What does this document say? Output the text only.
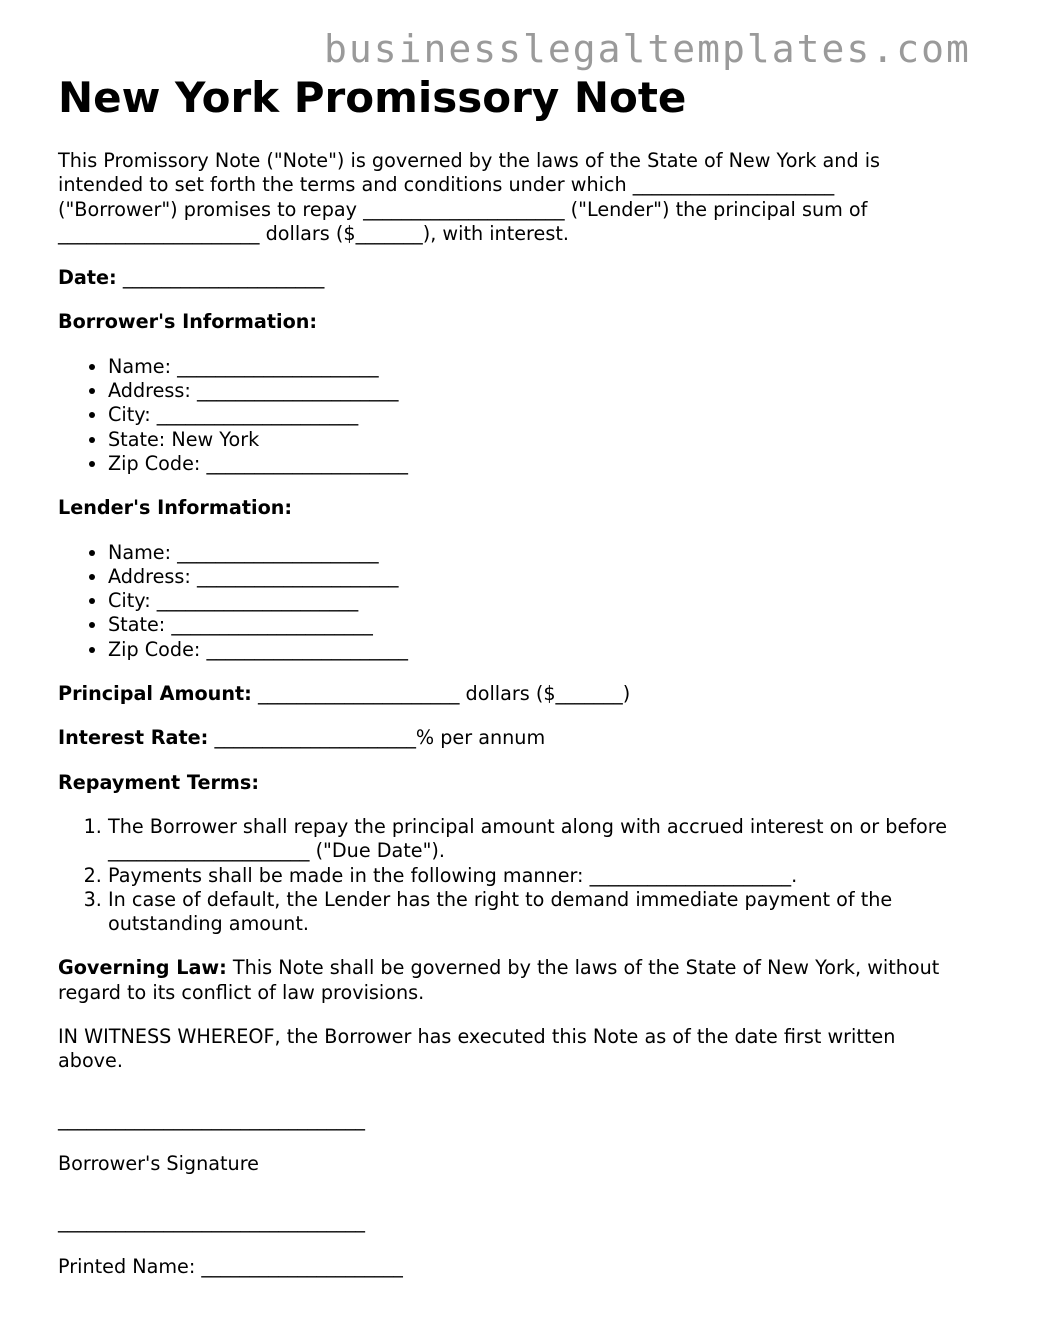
businesslegaltemplates.com
New York Promissory Note

This Promissory Note ("Note") is governed by the laws of the State of New York and is intended to set forth the terms and conditions under which _____________________ ("Borrower") promises to repay _____________________ ("Lender") the principal sum of _____________________ dollars ($_______), with interest.

Date: _____________________

Borrower's Information:

• Name: _____________________
• Address: _____________________
• City: _____________________
• State: New York
• Zip Code: _____________________

Lender's Information:

• Name: _____________________
• Address: _____________________
• City: _____________________
• State: _____________________
• Zip Code: _____________________

Principal Amount: _____________________ dollars ($_______)

Interest Rate: _____________________% per annum

Repayment Terms:

1. The Borrower shall repay the principal amount along with accrued interest on or before _____________________ ("Due Date").
2. Payments shall be made in the following manner: _____________________.
3. In case of default, the Lender has the right to demand immediate payment of the outstanding amount.

Governing Law: This Note shall be governed by the laws of the State of New York, without regard to its conflict of law provisions.

IN WITNESS WHEREOF, the Borrower has executed this Note as of the date first written above.

________________________________

Borrower's Signature

________________________________

Printed Name: _____________________
